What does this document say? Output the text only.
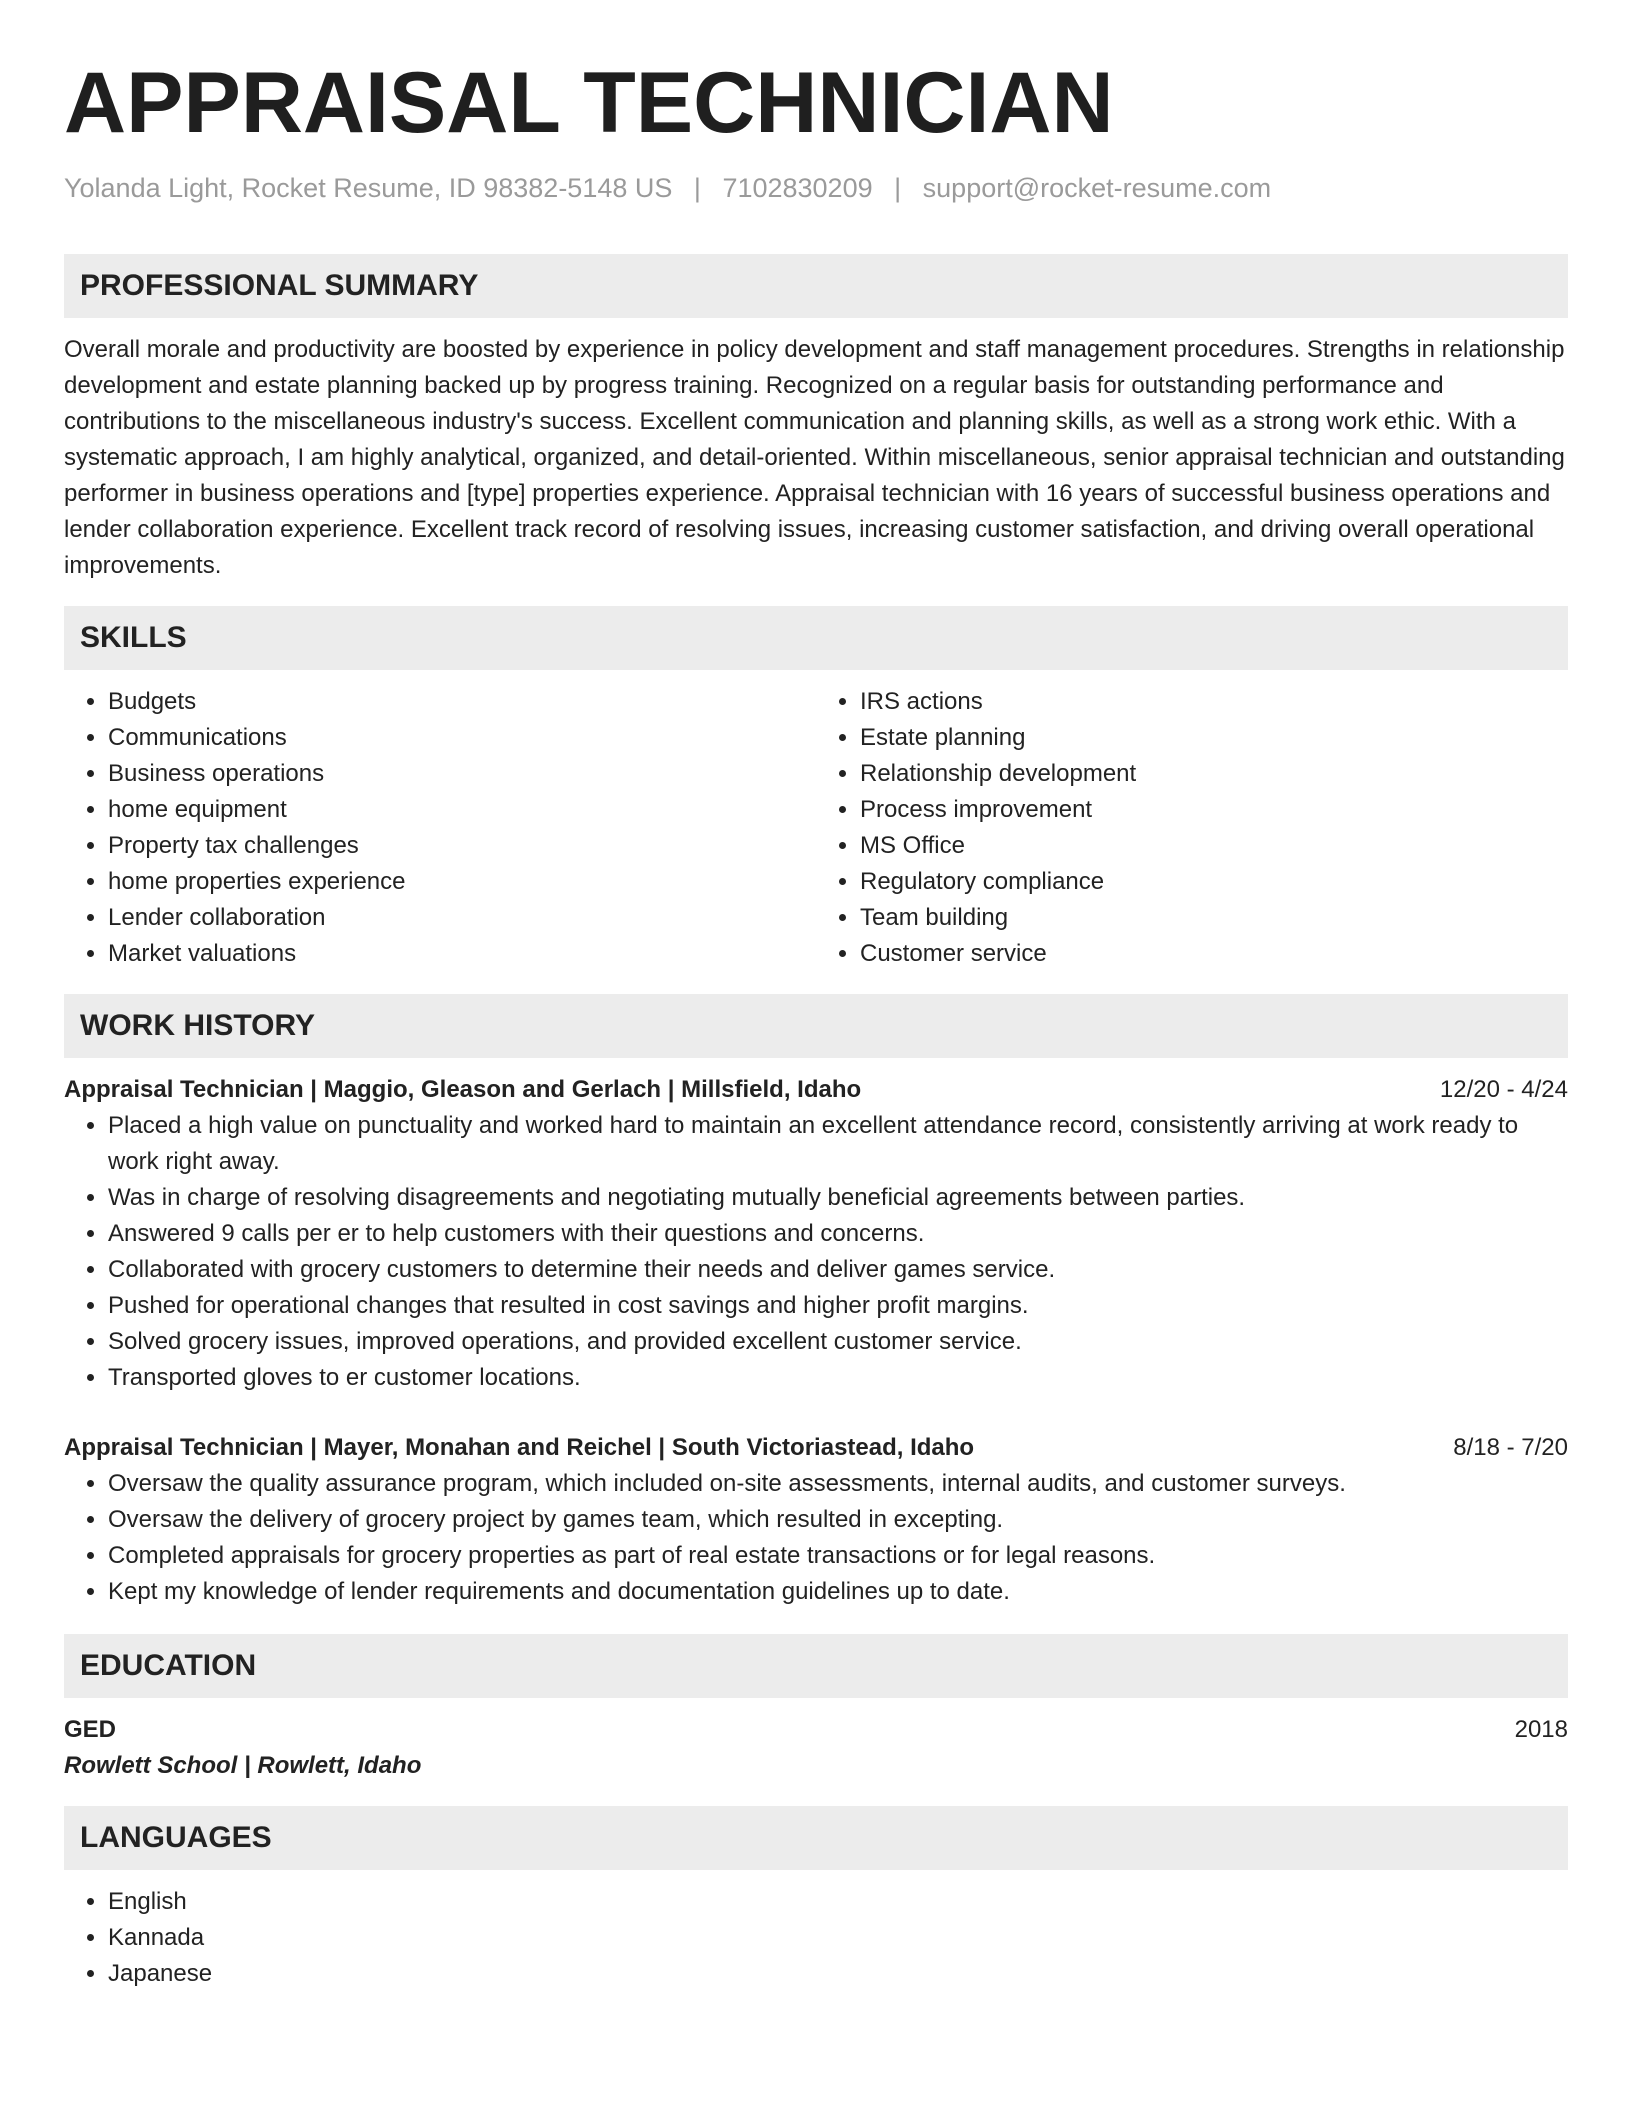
APPRAISAL TECHNICIAN
Yolanda Light, Rocket Resume, ID 98382-5148 US | 7102830209 | support@rocket-resume.com
PROFESSIONAL SUMMARY

Overall morale and productivity are boosted by experience in policy development and staff management procedures. Strengths in relationship development and estate planning backed up by progress training. Recognized on a regular basis for outstanding performance and contributions to the miscellaneous industry's success. Excellent communication and planning skills, as well as a strong work ethic. With a systematic approach, I am highly analytical, organized, and detail-oriented. Within miscellaneous, senior appraisal technician and outstanding performer in business operations and [type] properties experience. Appraisal technician with 16 years of successful business operations and lender collaboration experience. Excellent track record of resolving issues, increasing customer satisfaction, and driving overall operational improvements.

SKILLS
• Budgets
• Communications
• Business operations
• home equipment
• Property tax challenges
• home properties experience
• Lender collaboration
• Market valuations
• IRS actions
• Estate planning
• Relationship development
• Process improvement
• MS Office
• Regulatory compliance
• Team building
• Customer service
WORK HISTORY
Appraisal Technician | Maggio, Gleason and Gerlach | Millsfield, Idaho	12/20 - 4/24
• Placed a high value on punctuality and worked hard to maintain an excellent attendance record, consistently arriving at work ready to work right away.
• Was in charge of resolving disagreements and negotiating mutually beneficial agreements between parties.
• Answered 9 calls per er to help customers with their questions and concerns.
• Collaborated with grocery customers to determine their needs and deliver games service.
• Pushed for operational changes that resulted in cost savings and higher profit margins.
• Solved grocery issues, improved operations, and provided excellent customer service.
• Transported gloves to er customer locations.
Appraisal Technician | Mayer, Monahan and Reichel | South Victoriastead, Idaho	8/18 - 7/20
• Oversaw the quality assurance program, which included on-site assessments, internal audits, and customer surveys.
• Oversaw the delivery of grocery project by games team, which resulted in excepting.
• Completed appraisals for grocery properties as part of real estate transactions or for legal reasons.
• Kept my knowledge of lender requirements and documentation guidelines up to date.
EDUCATION
GED	2018
Rowlett School | Rowlett, Idaho
LANGUAGES
• English
• Kannada
• Japanese
